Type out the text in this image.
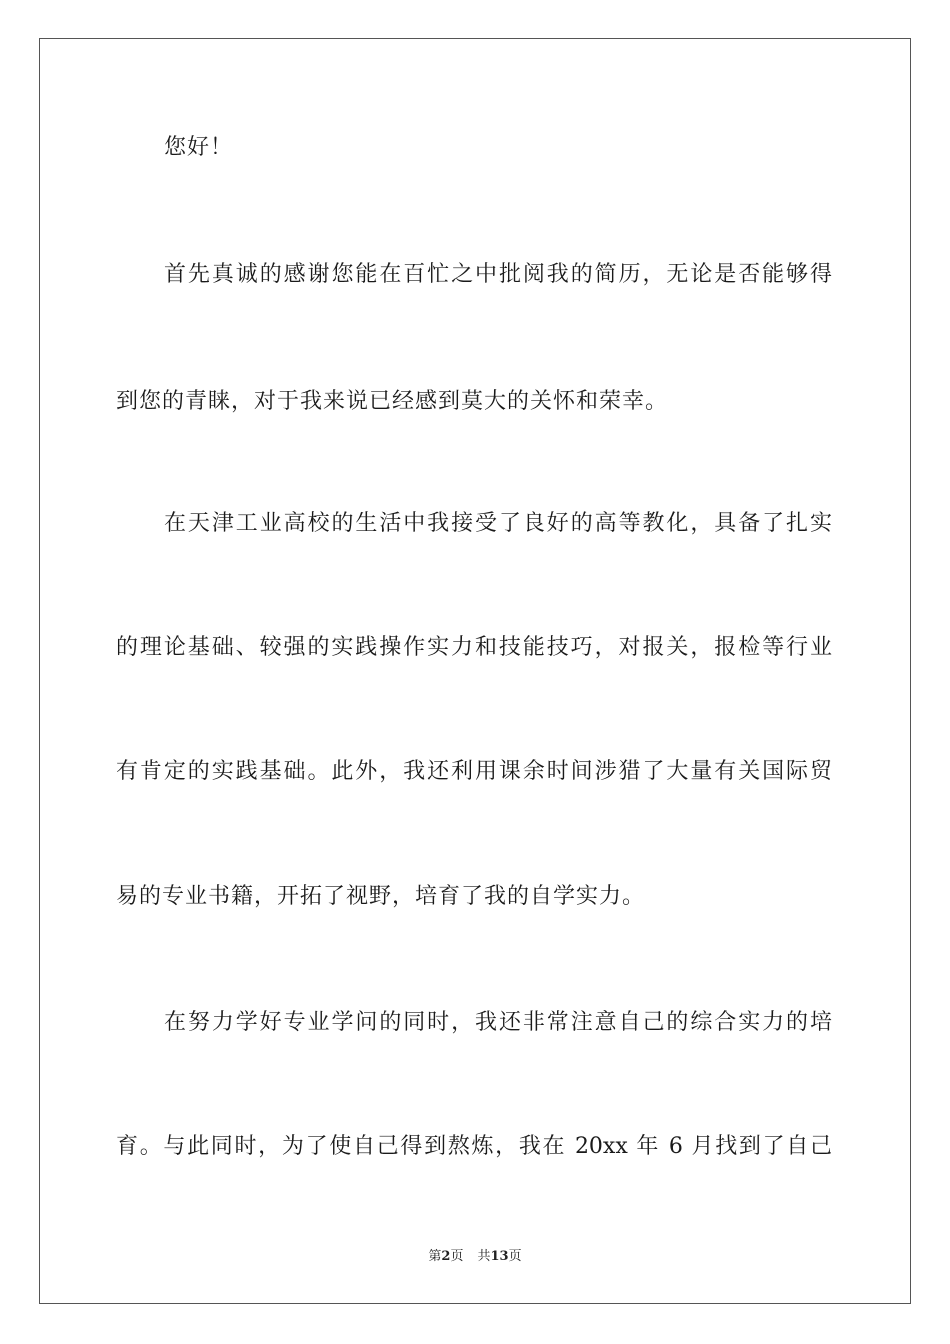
您好！
首先真诚的感谢您能在百忙之中批阅我的简历，无论是否能够得
到您的青睐，对于我来说已经感到莫大的关怀和荣幸。
在天津工业高校的生活中我接受了良好的高等教化，具备了扎实
的理论基础、较强的实践操作实力和技能技巧，对报关，报检等行业
有肯定的实践基础。此外，我还利用课余时间涉猎了大量有关国际贸
易的专业书籍，开拓了视野，培育了我的自学实力。
在努力学好专业学问的同时，我还非常注意自己的综合实力的培
育。与此同时，为了使自己得到熬炼，我在 20xx 年 6 月找到了自己
第2页 共13页
